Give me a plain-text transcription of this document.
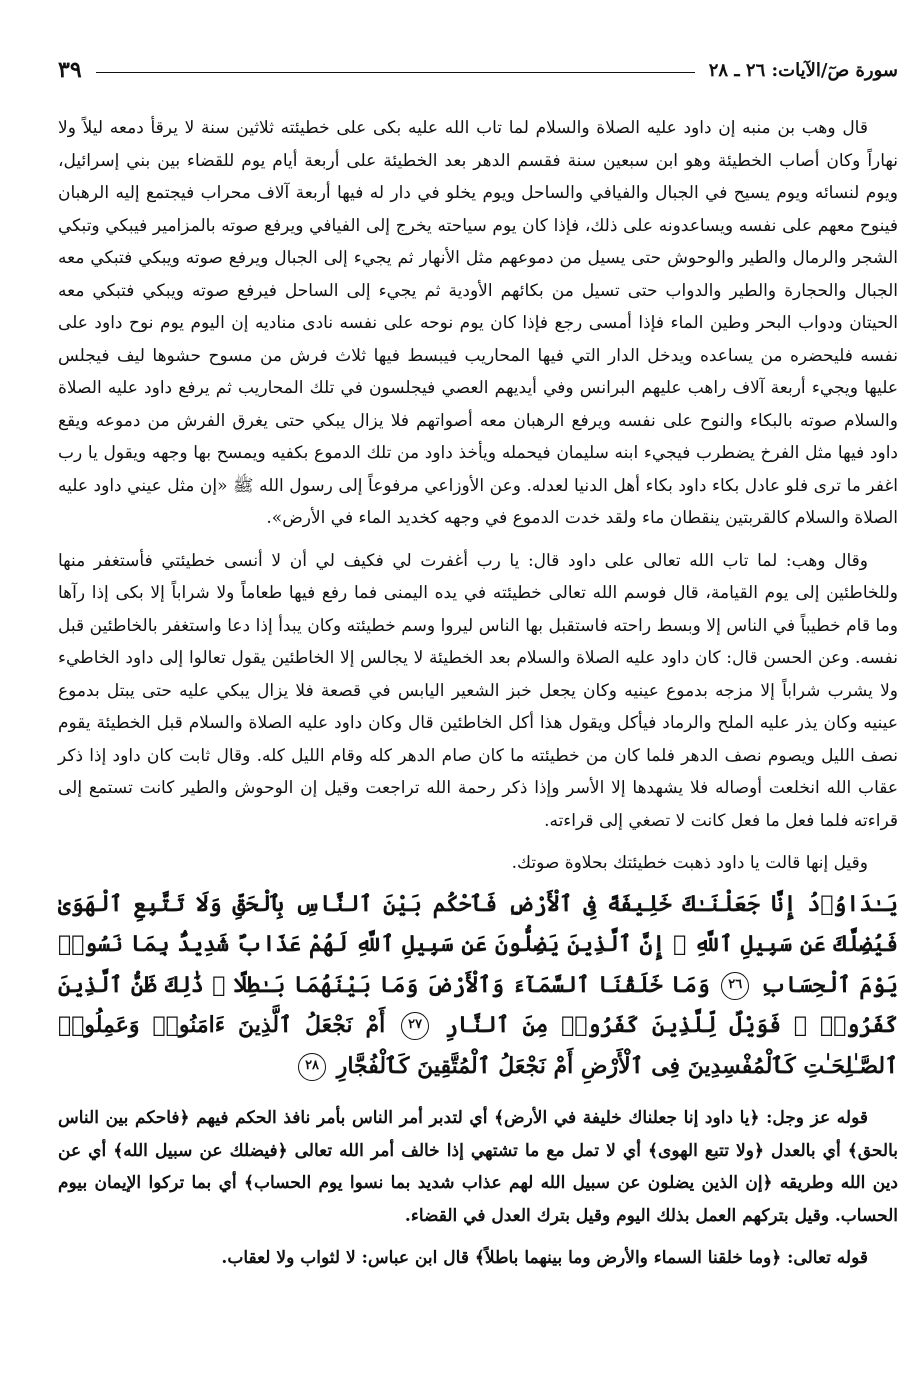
سورة صٓ/الآيات: ٢٦ ـ ٢٨
٣٩

قال وهب بن منبه إن داود عليه الصلاة والسلام لما تاب الله عليه بكى على خطيئته ثلاثين سنة لا يرقأ دمعه ليلاً ولا نهاراً وكان أصاب الخطيئة وهو ابن سبعين سنة فقسم الدهر بعد الخطيئة على أربعة أيام يوم للقضاء بين بني إسرائيل، ويوم لنسائه ويوم يسيح في الجبال والفيافي والساحل ويوم يخلو في دار له فيها أربعة آلاف محراب فيجتمع إليه الرهبان فينوح معهم على نفسه ويساعدونه على ذلك، فإذا كان يوم سياحته يخرج إلى الفيافي ويرفع صوته بالمزامير فيبكي وتبكي الشجر والرمال والطير والوحوش حتى يسيل من دموعهم مثل الأنهار ثم يجيء إلى الجبال ويرفع صوته ويبكي فتبكي معه الجبال والحجارة والطير والدواب حتى تسيل من بكائهم الأودية ثم يجيء إلى الساحل فيرفع صوته ويبكي فتبكي معه الحيتان ودواب البحر وطين الماء فإذا أمسى رجع فإذا كان يوم نوحه على نفسه نادى مناديه إن اليوم يوم نوح داود على نفسه فليحضره من يساعده ويدخل الدار التي فيها المحاريب فيبسط فيها ثلاث فرش من مسوح حشوها ليف فيجلس عليها ويجيء أربعة آلاف راهب عليهم البرانس وفي أيديهم العصي فيجلسون في تلك المحاريب ثم يرفع داود عليه الصلاة والسلام صوته بالبكاء والنوح على نفسه ويرفع الرهبان معه أصواتهم فلا يزال يبكي حتى يغرق الفرش من دموعه ويقع داود فيها مثل الفرخ يضطرب فيجيء ابنه سليمان فيحمله ويأخذ داود من تلك الدموع بكفيه ويمسح بها وجهه ويقول يا رب اغفر ما ترى فلو عادل بكاء داود بكاء أهل الدنيا لعدله. وعن الأوزاعي مرفوعاً إلى رسول الله ﷺ «إن مثل عيني داود عليه الصلاة والسلام كالقربتين ينقطان ماء ولقد خدت الدموع في وجهه كخديد الماء في الأرض».

وقال وهب: لما تاب الله تعالى على داود قال: يا رب أغفرت لي فكيف لي أن لا أنسى خطيئتي فأستغفر منها وللخاطئين إلى يوم القيامة، قال فوسم الله تعالى خطيئته في يده اليمنى فما رفع فيها طعاماً ولا شراباً إلا بكى إذا رآها وما قام خطيباً في الناس إلا وبسط راحته فاستقبل بها الناس ليروا وسم خطيئته وكان يبدأ إذا دعا واستغفر بالخاطئين قبل نفسه. وعن الحسن قال: كان داود عليه الصلاة والسلام بعد الخطيئة لا يجالس إلا الخاطئين يقول تعالوا إلى داود الخاطيء ولا يشرب شراباً إلا مزجه بدموع عينيه وكان يجعل خبز الشعير اليابس في قصعة فلا يزال يبكي عليه حتى يبتل بدموع عينيه وكان يذر عليه الملح والرماد فيأكل ويقول هذا أكل الخاطئين قال وكان داود عليه الصلاة والسلام قبل الخطيئة يقوم نصف الليل ويصوم نصف الدهر فلما كان من خطيئته ما كان صام الدهر كله وقام الليل كله. وقال ثابت كان داود إذا ذكر عقاب الله انخلعت أوصاله فلا يشهدها إلا الأسر وإذا ذكر رحمة الله تراجعت وقيل إن الوحوش والطير كانت تستمع إلى قراءته فلما فعل ما فعل كانت لا تصغي إلى قراءته.

وقيل إنها قالت يا داود ذهبت خطيئتك بحلاوة صوتك.

يَـٰدَاوُۥدُ إِنَّا جَعَلْنَـٰكَ خَلِيفَةً فِى ٱلْأَرْضِ فَٱحْكُم بَيْنَ ٱلنَّاسِ بِٱلْحَقِّ وَلَا تَتَّبِعِ ٱلْهَوَىٰ فَيُضِلَّكَ عَن سَبِيلِ ٱللَّهِ ۚ إِنَّ ٱلَّذِينَ يَضِلُّونَ عَن سَبِيلِ ٱللَّهِ لَهُمْ عَذَابٌ شَدِيدٌۢ بِمَا نَسُوا۟ يَوْمَ ٱلْحِسَابِ ٢٦ وَمَا خَلَقْنَا ٱلسَّمَآءَ وَٱلْأَرْضَ وَمَا بَيْنَهُمَا بَـٰطِلًا ۚ ذَٰلِكَ ظَنُّ ٱلَّذِينَ كَفَرُوا۟ ۚ فَوَيْلٌ لِّلَّذِينَ كَفَرُوا۟ مِنَ ٱلنَّارِ ٢٧ أَمْ نَجْعَلُ ٱلَّذِينَ ءَامَنُوا۟ وَعَمِلُوا۟ ٱلصَّـٰلِحَـٰتِ كَٱلْمُفْسِدِينَ فِى ٱلْأَرْضِ أَمْ نَجْعَلُ ٱلْمُتَّقِينَ كَٱلْفُجَّارِ ٢٨

قوله عز وجل: ﴿يا داود إنا جعلناك خليفة في الأرض﴾ أي لتدبر أمر الناس بأمر نافذ الحكم فيهم ﴿فاحكم بين الناس بالحق﴾ أي بالعدل ﴿ولا تتبع الهوى﴾ أي لا تمل مع ما تشتهي إذا خالف أمر الله تعالى ﴿فيضلك عن سبيل الله﴾ أي عن دين الله وطريقه ﴿إن الذين يضلون عن سبيل الله لهم عذاب شديد بما نسوا يوم الحساب﴾ أي بما تركوا الإيمان بيوم الحساب. وقيل بتركهم العمل بذلك اليوم وقيل بترك العدل في القضاء.

قوله تعالى: ﴿وما خلقنا السماء والأرض وما بينهما باطلاً﴾ قال ابن عباس: لا لثواب ولا لعقاب.
